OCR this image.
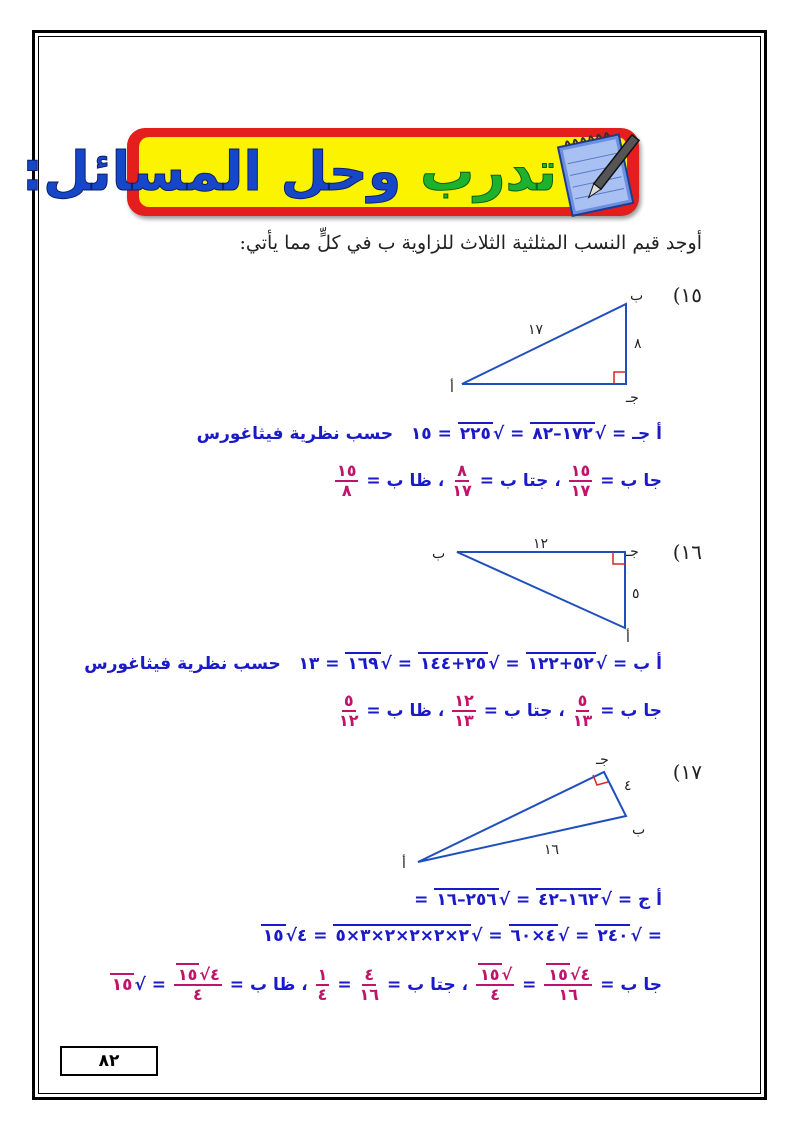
تدرب وحل المسائل:
أوجد قيم النسب المثلثية الثلاث للزاوية ب في كلٍّ مما يأتي:
١٥)
ب
أ
جـ
١٧
٨
أ جـ = √١٧٢–٨٢ = √٢٢٥ = ١٥   حسب نظرية فيثاغورس
جا ب =
$\frac{١٥}{١٧}$
، جتا ب =
$\frac{٨}{١٧}$
، ظا ب =
$\frac{١٥}{٨}$
١٦)
ب	جـ
أ
١٢
٥
أ ب = √٥٢+١٢٢ = √٢٥+١٤٤ = √١٦٩ = ١٣   حسب نظرية فيثاغورس
جا ب =
$\frac{٥}{١٣}$
، جتا ب =
$\frac{١٢}{١٣}$
، ظا ب =
$\frac{٥}{١٢}$
١٧)
جـ
٤
ب
١٦
أ
أ ج = √١٦٢–٤٢ = √٢٥٦–١٦ =
= √٢٤٠ = √٤×٦٠ = √٢×٢×٢×٢×٣×٥ = ٤√١٥
جا ب =
$\frac{٤√١٥}{١٦}$
=
$\frac{√١٥}{٤}$
، جتا ب =
$\frac{٤}{١٦}$
=
$\frac{١}{٤}$
، ظا ب =
$\frac{٤√١٥}{٤}$
= √١٥
٨٢
